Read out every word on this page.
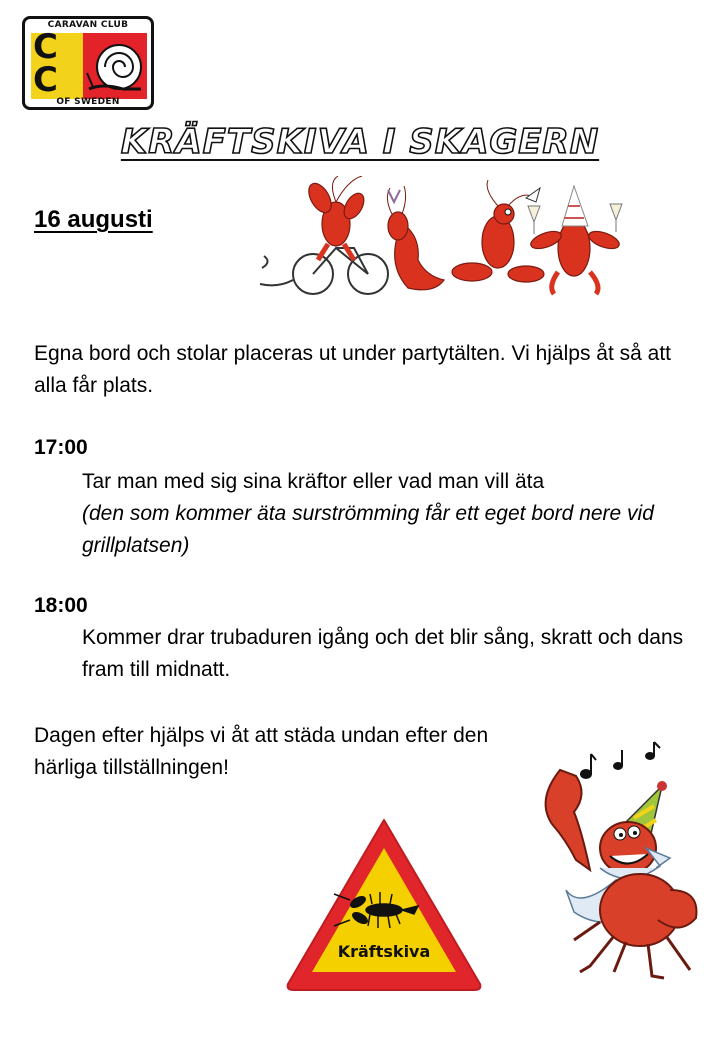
CARAVAN CLUB
C
C
OF SWEDEN
KRÄFTSKIVA I SKAGERN
16 augusti
Egna bord och stolar placeras ut under partytälten. Vi hjälps åt så att alla får plats.
17:00
Tar man med sig sina kräftor eller vad man vill äta
(den som kommer äta surströmming får ett eget bord nere vid grillplatsen)
18:00
Kommer drar trubaduren igång och det blir sång, skratt och dans fram till midnatt.
Dagen efter hjälps vi åt att städa undan efter den härliga tillställningen!
Kräftskiva
